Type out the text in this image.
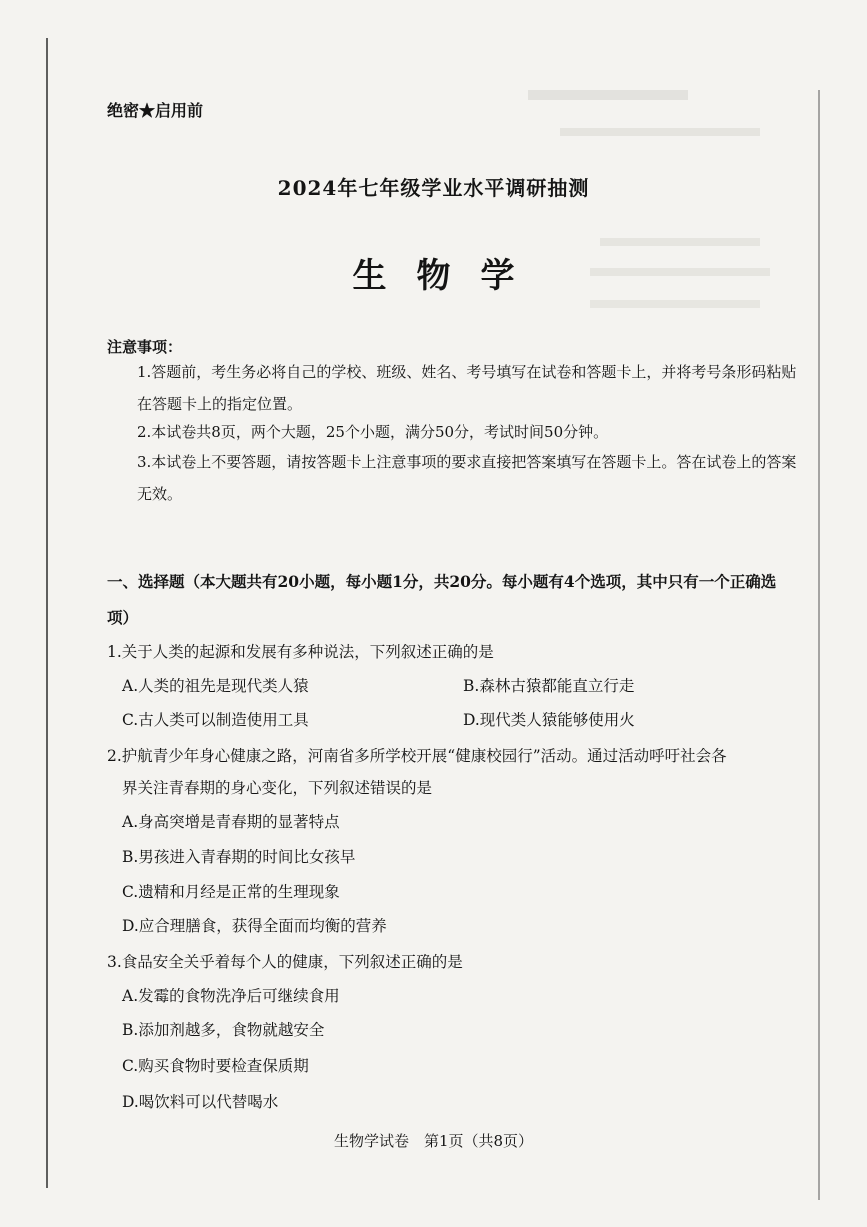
绝密★启用前
2024年七年级学业水平调研抽测
生物学
注意事项：
1.答题前，考生务必将自己的学校、班级、姓名、考号填写在试卷和答题卡上，并将考号条形码粘贴在答题卡上的指定位置。
2.本试卷共8页，两个大题，25个小题，满分50分，考试时间50分钟。
3.本试卷上不要答题，请按答题卡上注意事项的要求直接把答案填写在答题卡上。答在试卷上的答案无效。
一、选择题（本大题共有20小题，每小题1分，共20分。每小题有4个选项，其中只有一个正确选项）
1.关于人类的起源和发展有多种说法，下列叙述正确的是
A.人类的祖先是现代类人猿	B.森林古猿都能直立行走
C.古人类可以制造使用工具	D.现代类人猿能够使用火
2.护航青少年身心健康之路，河南省多所学校开展“健康校园行”活动。通过活动呼吁社会各
界关注青春期的身心变化，下列叙述错误的是
A.身高突增是青春期的显著特点
B.男孩进入青春期的时间比女孩早
C.遗精和月经是正常的生理现象
D.应合理膳食，获得全面而均衡的营养
3.食品安全关乎着每个人的健康，下列叙述正确的是
A.发霉的食物洗净后可继续食用
B.添加剂越多，食物就越安全
C.购买食物时要检查保质期
D.喝饮料可以代替喝水
生物学试卷　第1页（共8页）
